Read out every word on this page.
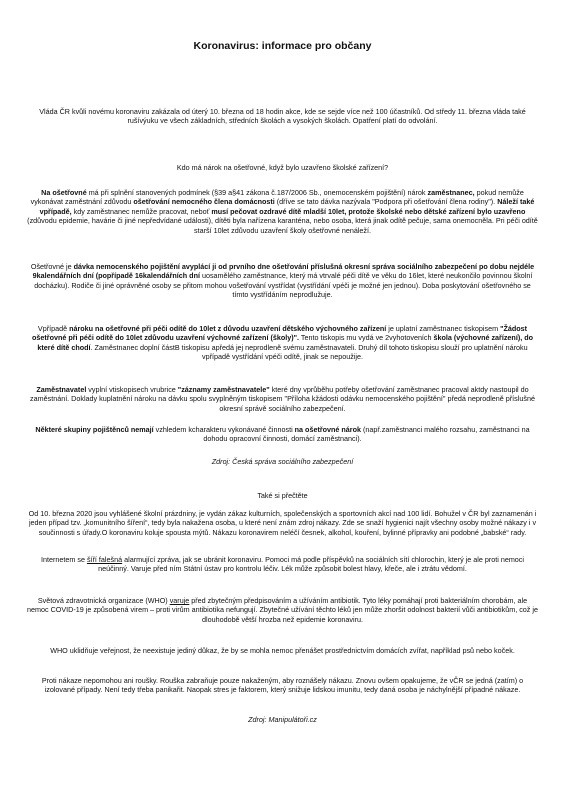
Koronavirus: informace pro občany

Vláda ČR kvůli novému koronaviru zakázala od úterý 10. března od 18 hodin akce, kde se sejde více než 100 účastníků. Od středy 11. března vláda také rušívýuku ve všech základních, středních školách a vysokých školách. Opatření platí do odvolání.

Kdo má nárok na ošetřovné, když bylo uzavřeno školské zařízení?

Na ošetřovné má při splnění stanovených podmínek (§39 a§41 zákona č.187/2006 Sb., onemocenském pojištění) nárok zaměstnanec, pokud nemůže vykonávat zaměstnání zdůvodu ošetřování nemocného člena domácnosti (dříve se tato dávka nazývala "Podpora při ošetřování člena rodiny"). Náleží také vpřípadě, kdy zaměstnanec nemůže pracovat, neboť musí pečovat ozdravé dítě mladší 10let, protože školské nebo dětské zařízení bylo uzavřeno (zdůvodu epidemie, havárie či jiné nepředvídané události), dítěti byla nařízena karanténa, nebo osoba, která jinak odítě pečuje, sama onemocněla. Pri péči odítě starší 10let zdůvodu uzavření školy ošetřovné nenáleží.

Ošetřovné je dávka nemocenského pojištění avyplácí ji od prvního dne ošetřování příslušná okresní správa sociálního zabezpečení po dobu nejdéle 9kalendářních dní (popřípadě 16kalendářních dní uosamělého zaměstnance, který má vtrvalé péči dítě ve věku do 16let, které neukončilo povinnou školní docházku). Rodiče či jiné oprávněné osoby se přitom mohou vošetřování vystřídat (vystřídání vpéči je možné jen jednou). Doba poskytování ošetřovného se tímto vystřídáním neprodlužuje.

Vpřípadě nároku na ošetřovné při péči odítě do 10let z důvodu uzavření dětského výchovného zařízení je uplatní zaměstnanec tiskopisem "Žádost ošetřovné při péči odítě do 10let zdůvodu uzavření výchovné zařízení (školy)". Tento tiskopis mu vydá ve 2vyhotoveních škola (výchovné zařízení), do které dítě chodí. Zaměstnanec doplní částB tiskopisu apředá jej neprodleně svému zaměstnavateli. Druhý díl tohoto tiskopisu slouží pro uplatnění nároku vpřípadě vystřídání vpéči odítě, jinak se nepoužije.

Zaměstnavatel vyplní vtiskopisech vrubrice "záznamy zaměstnavatele" které dny vprůběhu potřeby ošetřování zaměstnanec pracoval aktdy nastoupil do zaměstnání. Doklady kuplatnění nároku na dávku spolu svyplněným tiskopisem "Příloha kžádosti odávku nemocenského pojištění" předá neprodleně příslušné okresní správě sociálního zabezpečení.

Některé skupiny pojištěnců nemají vzhledem kcharakteru vykonávané činnosti na ošetřovné nárok (např.zaměstnanci malého rozsahu, zaměstnanci na dohodu opracovní činnosti, domácí zaměstnanci).

Zdroj: Česká správa sociálního zabezpečení

Také si přečtěte

Od 10. března 2020 jsou vyhlášené školní prázdniny, je vydán zákaz kulturních, společenských a sportovních akcí nad 100 lidí. Bohužel v ČR byl zaznamenán i jeden případ tzv. „komunitního šíření“, tedy byla nakažena osoba, u které není znám zdroj nákazy. Zde se snaží hygienici najít všechny osoby možné nákazy i v součinnosti s úřady.O koronaviru koluje spousta mýtů. Nákazu koronavirem neléčí česnek, alkohol, kouření, bylinné přípravky ani podobné „babské“ rady.

Internetem se šíří falešná alarmující zpráva, jak se ubránit koronaviru. Pomoci má podle příspěvků na sociálních sítí chlorochin, který je ale proti nemoci neúčinný. Varuje před ním Státní ústav pro kontrolu léčiv. Lék může způsobit bolest hlavy, křeče, ale i ztrátu vědomí.

Světová zdravotnická organizace (WHO) varuje před zbytečným předpisováním a užíváním antibiotik. Tyto léky pomáhají proti bakteriálním chorobám, ale nemoc COVID-19 je způsobená virem – proti virům antibiotika nefungují. Zbytečné užívání těchto léků jen může zhoršit odolnost bakterií vůči antibiotikům, což je dlouhodobě větší hrozba než epidemie koronaviru.

WHO uklidňuje veřejnost, že neexistuje jediný důkaz, že by se mohla nemoc přenášet prostřednictvím domácích zvířat, například psů nebo koček.

Proti nákaze nepomohou ani roušky. Rouška zabraňuje pouze nakaženým, aby roznášely nákazu. Znovu ovšem opakujeme, že vČR se jedná (zatím) o izolované případy. Není tedy třeba panikařit. Naopak stres je faktorem, který snižuje lidskou imunitu, tedy daná osoba je náchylnější případné nákaze.

Zdroj: Manipulátoři.cz
